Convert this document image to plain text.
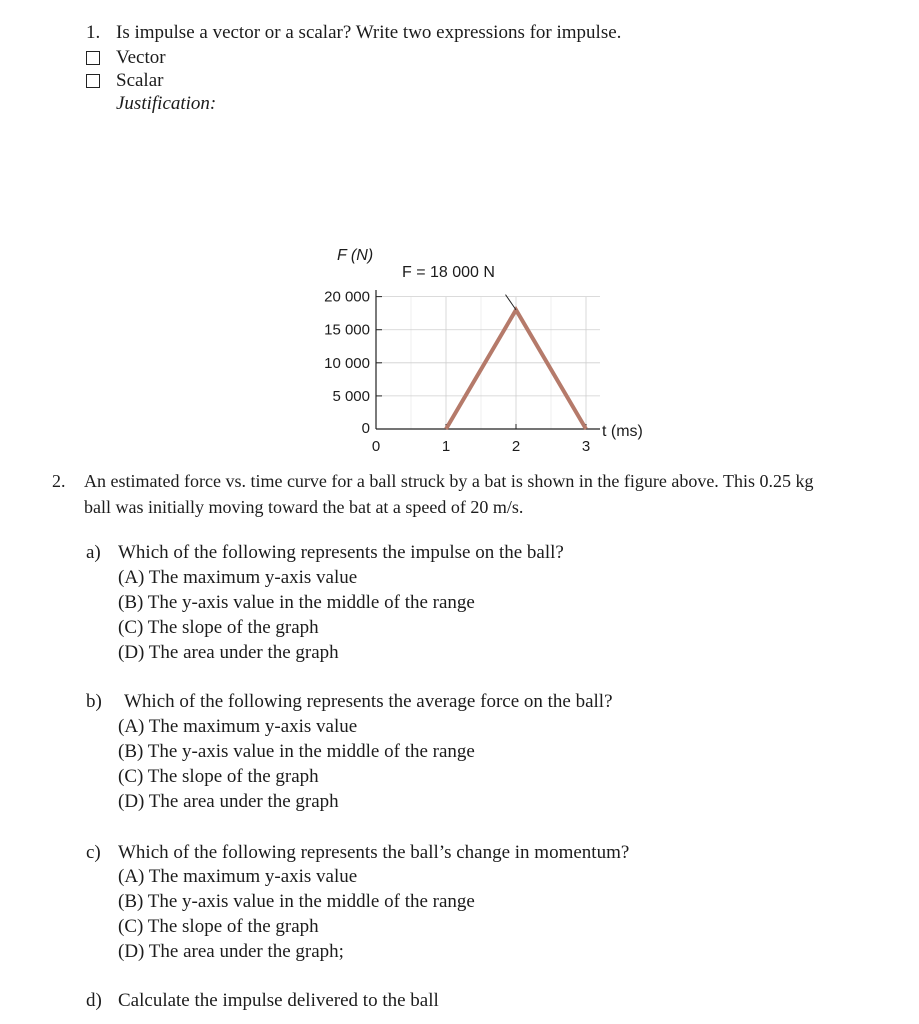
1. Is impulse a vector or a scalar? Write two expressions for impulse.
Vector
Scalar
Justification:
0
5 000
10 000
15 000
20 000
0	1	2	3
F (N)
t (ms)
F = 18 000 N
2. An estimated force vs. time curve for a ball struck by a bat is shown in the figure above. This 0.25 kg
ball was initially moving toward the bat at a speed of 20 m/s.
a) Which of the following represents the impulse on the ball?
(A) The maximum y-axis value
(B) The y-axis value in the middle of the range
(C) The slope of the graph
(D) The area under the graph
b) Which of the following represents the average force on the ball?
(A) The maximum y-axis value
(B) The y-axis value in the middle of the range
(C) The slope of the graph
(D) The area under the graph
c) Which of the following represents the ball’s change in momentum?
(A) The maximum y-axis value
(B) The y-axis value in the middle of the range
(C) The slope of the graph
(D) The area under the graph;
d) Calculate the impulse delivered to the ball
